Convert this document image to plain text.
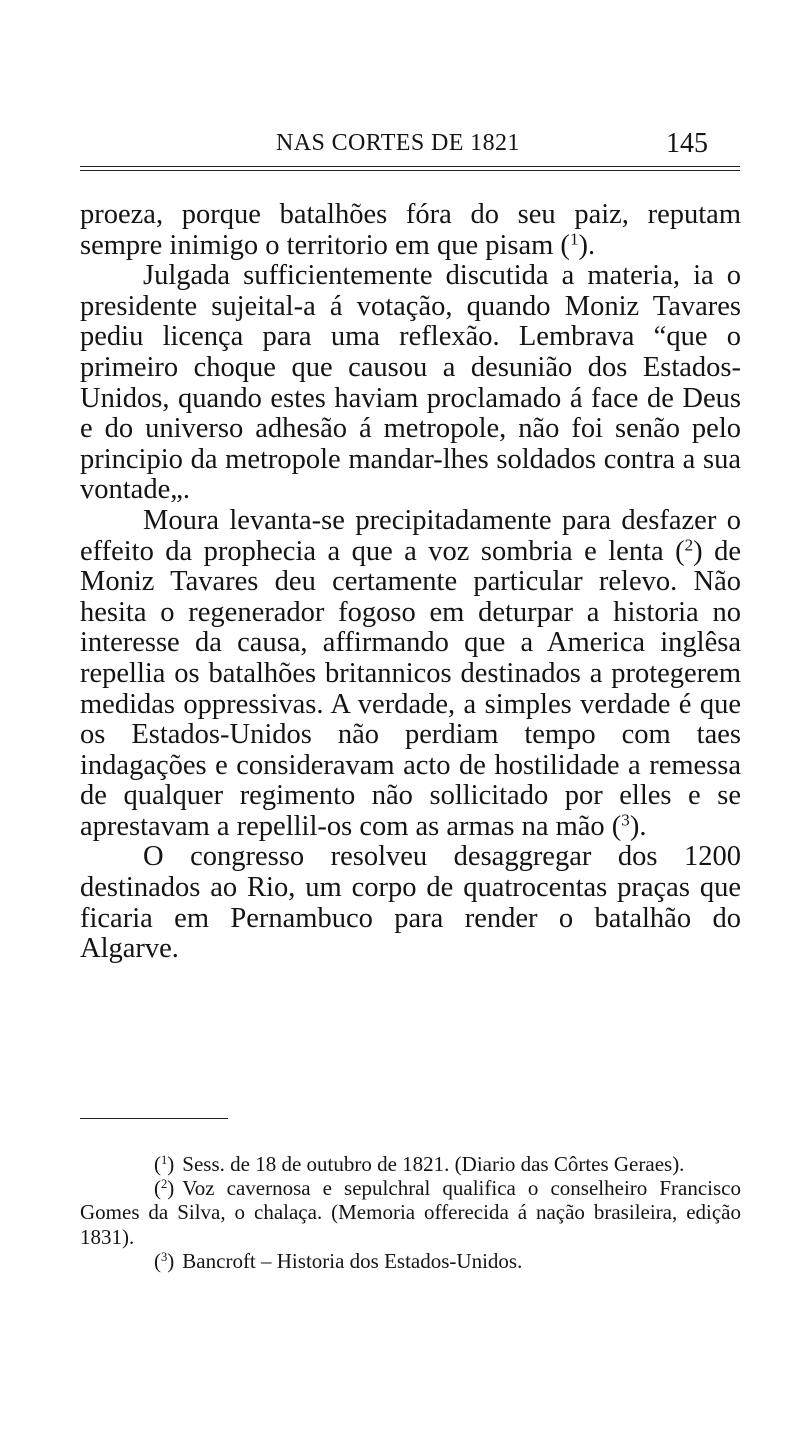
NAS CORTES DE 1821	145

proeza, porque batalhões fóra do seu paiz, reputam sempre inimigo o territorio em que pisam ($^1$).

Julgada sufficientemente discutida a materia, ia o presidente sujeital-a á votação, quando Moniz Tavares pediu licença para uma reflexão. Lembrava “que o primeiro choque que causou a desunião dos Estados-Unidos, quando estes haviam proclamado á face de Deus e do universo adhesão á metropole, não foi senão pelo principio da metropole mandar-lhes soldados contra a sua vontade„.

Moura levanta-se precipitadamente para desfazer o effeito da prophecia a que a voz sombria e lenta ($^2$) de Moniz Tavares deu certamente particular relevo. Não hesita o regenerador fogoso em deturpar a historia no interesse da causa, affirmando que a America inglêsa repellia os batalhões britannicos destinados a protegerem medidas oppressivas. A verdade, a simples verdade é que os Estados-Unidos não perdiam tempo com taes indagações e consideravam acto de hostilidade a remessa de qualquer regimento não sollicitado por elles e se aprestavam a repellil-os com as armas na mão ($^3$).

O congresso resolveu desaggregar dos 1200 destinados ao Rio, um corpo de quatrocentas praças que ficaria em Pernambuco para render o batalhão do Algarve.

($^1$) Sess. de 18 de outubro de 1821. (Diario das Côrtes Geraes).

($^2$) Voz cavernosa e sepulchral qualifica o conselheiro Francisco Gomes da Silva, o chalaça. (Memoria offerecida á nação brasileira, edição 1831).

($^3$) Bancroft – Historia dos Estados-Unidos.
